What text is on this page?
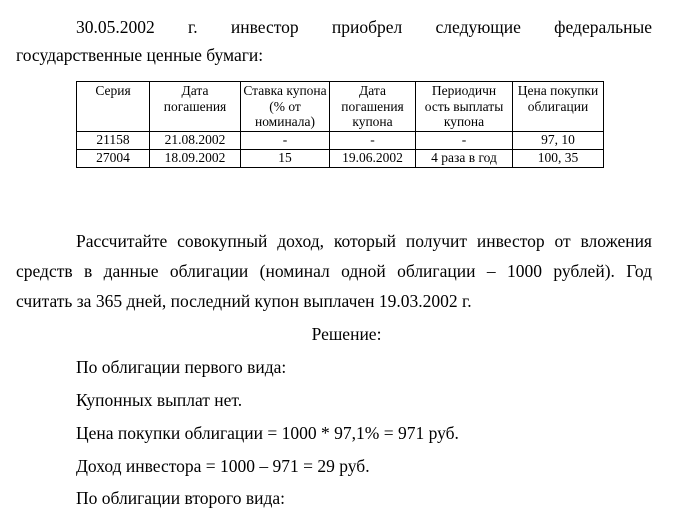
30.05.2002 г. инвестор приобрел следующие федеральные
государственные ценные бумаги:
Серия	Дата погашения	Ставка купона (% от номинала)	Дата погашения купона	Периодичн ость выплаты купона	Цена покупки облигации
21158	21.08.2002	-	-	-	97, 10
27004	18.09.2002	15	19.06.2002	4 раза в год	100, 35
Рассчитайте совокупный доход, который получит инвестор от вложения
средств в данные облигации (номинал одной облигации – 1000 рублей). Год
считать за 365 дней, последний купон выплачен 19.03.2002 г.
Решение:
По облигации первого вида:
Купонных выплат нет.
Цена покупки облигации = 1000 * 97,1% = 971 руб.
Доход инвестора = 1000 – 971 = 29 руб.
По облигации второго вида:
